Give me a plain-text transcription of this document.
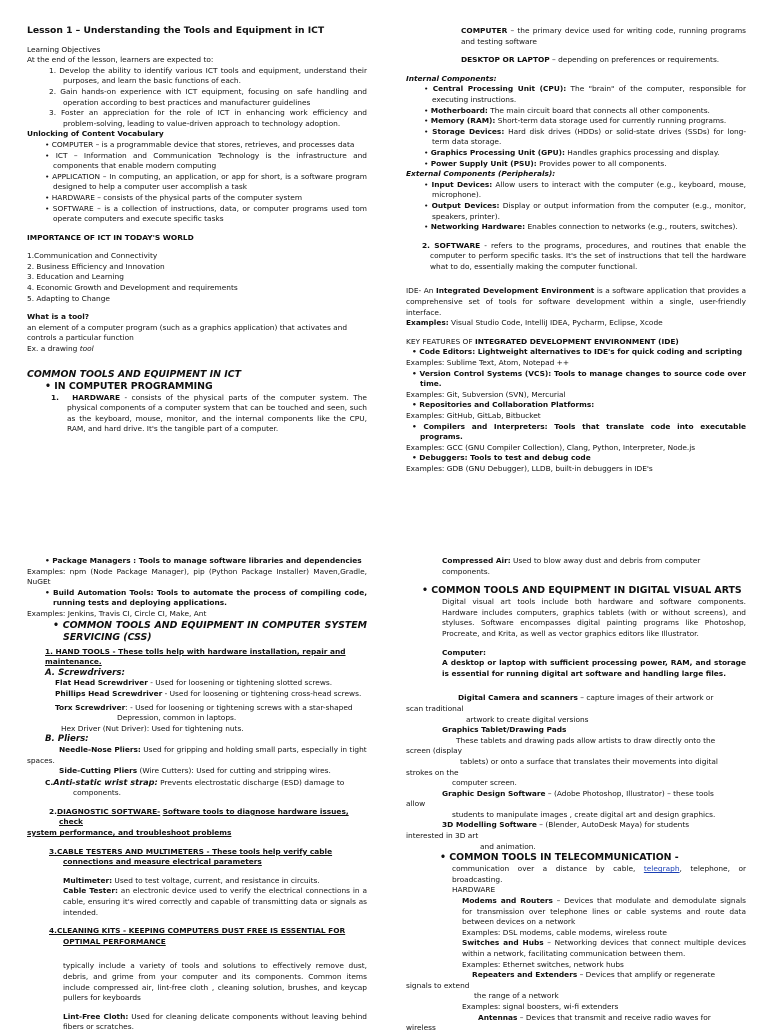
Lesson 1 – Understanding the Tools and Equipment in ICT
Learning Objectives
At the end of the lesson, learners are expected to:
1. Develop the ability to identify various ICT tools and equipment, understand their purposes, and learn the basic functions of each.
2. Gain hands-on experience with ICT equipment, focusing on safe handling and operation according to best practices and manufacturer guidelines
3. Foster an appreciation for the role of ICT in enhancing work efficiency and problem-solving, leading to value-driven approach to technology adoption.
Unlocking of Content Vocabulary
• COMPUTER – is a programmable device that stores, retrieves, and processes data
• ICT – Information and Communication Technology is the infrastructure and components that enable modern computing
• APPLICATION – In computing, an application, or app for short, is a software program designed to help a computer user accomplish a task
• HARDWARE – consists of the physical parts of the computer system
• SOFTWARE – is a collection of instructions, data, or computer programs used tom operate computers and execute specific tasks
IMPORTANCE OF ICT IN TODAY'S WORLD
1.Communication and Connectivity
2. Business Efficiency and Innovation
3. Education and Learning
4. Economic Growth and Development and requirements
5. Adapting to Change
What is a tool?
an element of a computer program (such as a graphics application) that activates and controls a particular function
Ex. a drawing tool
COMMON TOOLS AND EQUIPMENT IN ICT
• IN COMPUTER PROGRAMMING
1. HARDWARE - consists of the physical parts of the computer system. The physical components of a computer system that can be touched and seen, such as the keyboard, mouse, monitor, and the internal components like the CPU, RAM, and hard drive. It's the tangible part of a computer.
COMPUTER – the primary device used for writing code, running programs and testing software
DESKTOP OR LAPTOP – depending on preferences or requirements.
Internal Components:
• Central Processing Unit (CPU): The "brain" of the computer, responsible for executing instructions.
• Motherboard: The main circuit board that connects all other components.
• Memory (RAM): Short-term data storage used for currently running programs.
• Storage Devices: Hard disk drives (HDDs) or solid-state drives (SSDs) for long-term data storage.
• Graphics Processing Unit (GPU): Handles graphics processing and display.
• Power Supply Unit (PSU): Provides power to all components.
External Components (Peripherals):
• Input Devices: Allow users to interact with the computer (e.g., keyboard, mouse, microphone).
• Output Devices: Display or output information from the computer (e.g., monitor, speakers, printer).
• Networking Hardware: Enables connection to networks (e.g., routers, switches).
2. SOFTWARE - refers to the programs, procedures, and routines that enable the computer to perform specific tasks. It's the set of instructions that tell the hardware what to do, essentially making the computer functional.
IDE- An Integrated Development Environment is a software application that provides a comprehensive set of tools for software development within a single, user-friendly interface.
Examples: Visual Studio Code, IntelliJ IDEA, Pycharm, Eclipse, Xcode
KEY FEATURES OF INTEGRATED DEVELOPMENT ENVIRONMENT (IDE)
• Code Editors: Lightweight alternatives to IDE's for quick coding and scripting
Examples: Sublime Text, Atom, Notepad ++
• Version Control Systems (VCS): Tools to manage changes to source code over time.
Examples: Git, Subversion (SVN), Mercurial
• Repositories and Collaboration Platforms:
Examples: GitHub, GitLab, Bitbucket
• Compilers and Interpreters: Tools that translate code into executable programs.
Examples: GCC (GNU Compiler Collection), Clang, Python, Interpreter, Node.js
• Debuggers: Tools to test and debug code
Examples: GDB (GNU Debugger), LLDB, built-in debuggers in IDE's
• Package Managers : Tools to manage software libraries and dependencies
Examples: npm (Node Package Manager), pip (Python Package Installer) Maven,Gradle, NuGEt
• Build Automation Tools: Tools to automate the process of compiling code, running tests and deploying applications.
Examples: Jenkins, Travis CI, Circle CI, Make, Ant
• COMMON TOOLS AND EQUIPMENT IN COMPUTER SYSTEM SERVICING (CSS)
1. HAND TOOLS - These tolls help with hardware installation, repair and maintenance.
A. Screwdrivers:
Flat Head Screwdriver - Used for loosening or tightening slotted screws.
Phillips Head Screwdriver - Used for loosening or tightening cross-head screws.
Torx Screwdriver: - Used for loosening or tightening screws with a star-shaped
Depression, common in laptops.
Hex Driver (Nut Driver): Used for tightening nuts.
B. Pliers:
Needle-Nose Pliers: Used for gripping and holding small parts, especially in tight spaces.
Side-Cutting Pliers (Wire Cutters): Used for cutting and stripping wires.
C.Anti-static wrist strap: Prevents electrostatic discharge (ESD) damage to components.
2.DIAGNOSTIC SOFTWARE- Software tools to diagnose hardware issues, check
system performance, and troubleshoot problems
3.CABLE TESTERS AND MULTIMETERS - These tools help verify cable connections and measure electrical parameters
Multimeter: Used to test voltage, current, and resistance in circuits.
Cable Tester: an electronic device used to verify the electrical connections in a cable, ensuring it's wired correctly and capable of transmitting data or signals as intended.
4.CLEANING KITS - KEEPING COMPUTERS DUST FREE IS ESSENTIAL FOR OPTIMAL PERFORMANCE
typically include a variety of tools and solutions to effectively remove dust, debris, and grime from your computer and its components. Common items include compressed air, lint-free cloth , cleaning solution, brushes, and keycap pullers for keyboards
Lint-Free Cloth: Used for cleaning delicate components without leaving behind fibers or scratches.
Compressed Air: Used to blow away dust and debris from computer components.
• COMMON TOOLS AND EQUIPMENT IN DIGITAL VISUAL ARTS
Digital visual art tools include both hardware and software components. Hardware includes computers, graphics tablets (with or without screens), and styluses. Software encompasses digital painting programs like Photoshop, Procreate, and Krita, as well as vector graphics editors like Illustrator.
Computer:
A desktop or laptop with sufficient processing power, RAM, and storage is essential for running digital art software and handling large files.
Digital Camera and scanners – capture images of their artwork or
scan traditional
artwork to create digital versions
Graphics Tablet/Drawing Pads
These tablets and drawing pads allow artists to draw directly onto the
screen (display
tablets) or onto a surface that translates their movements into digital
strokes on the
computer screen.
Graphic Design Software – (Adobe Photoshop, Illustrator) – these tools
allow
students to manipulate images , create digital art and design graphics.
3D Modelling Software – (Blender, AutoDesk Maya) for students
interested in 3D art
and animation.
• COMMON TOOLS IN TELECOMMUNICATION -
communication over a distance by cable, telegraph, telephone, or broadcasting.
HARDWARE
Modems and Routers – Devices that modulate and demodulate signals for transmission over telephone lines or cable systems and route data between devices on a network
Examples: DSL modems, cable modems, wireless route
Switches and Hubs – Networking devices that connect multiple devices within a network, facilitating communication between them.
Examples: Ethernet switches, network hubs
Repeaters and Extenders – Devices that amplify or regenerate
signals to extend
the range of a network
Examples: signal boosters, wi-fi extenders
Antennas – Devices that transmit and receive radio waves for
wireless
